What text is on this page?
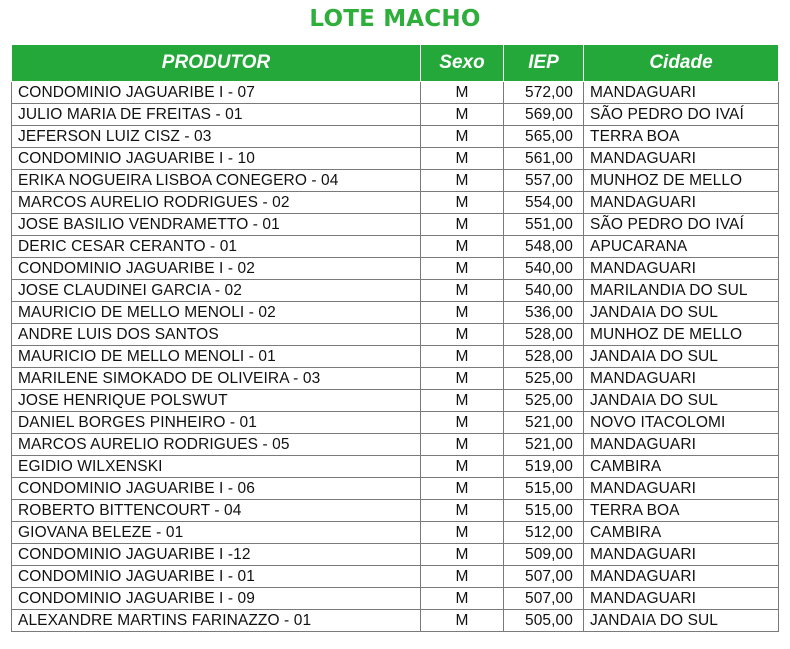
LOTE MACHO
PRODUTOR	Sexo	IEP	Cidade
CONDOMINIO JAGUARIBE I - 07	M	572,00	MANDAGUARI
JULIO MARIA DE FREITAS - 01	M	569,00	SÃO PEDRO DO IVAÍ
JEFERSON LUIZ CISZ - 03	M	565,00	TERRA BOA
CONDOMINIO JAGUARIBE I - 10	M	561,00	MANDAGUARI
ERIKA NOGUEIRA LISBOA CONEGERO - 04	M	557,00	MUNHOZ DE MELLO
MARCOS AURELIO RODRIGUES - 02	M	554,00	MANDAGUARI
JOSE BASILIO VENDRAMETTO - 01	M	551,00	SÃO PEDRO DO IVAÍ
DERIC CESAR CERANTO - 01	M	548,00	APUCARANA
CONDOMINIO JAGUARIBE I - 02	M	540,00	MANDAGUARI
JOSE CLAUDINEI GARCIA - 02	M	540,00	MARILANDIA DO SUL
MAURICIO DE MELLO MENOLI - 02	M	536,00	JANDAIA DO SUL
ANDRE LUIS DOS SANTOS	M	528,00	MUNHOZ DE MELLO
MAURICIO DE MELLO MENOLI - 01	M	528,00	JANDAIA DO SUL
MARILENE SIMOKADO DE OLIVEIRA - 03	M	525,00	MANDAGUARI
JOSE HENRIQUE POLSWUT	M	525,00	JANDAIA DO SUL
DANIEL BORGES PINHEIRO - 01	M	521,00	NOVO ITACOLOMI
MARCOS AURELIO RODRIGUES - 05	M	521,00	MANDAGUARI
EGIDIO WILXENSKI	M	519,00	CAMBIRA
CONDOMINIO JAGUARIBE I - 06	M	515,00	MANDAGUARI
ROBERTO BITTENCOURT - 04	M	515,00	TERRA BOA
GIOVANA BELEZE - 01	M	512,00	CAMBIRA
CONDOMINIO JAGUARIBE I -12	M	509,00	MANDAGUARI
CONDOMINIO JAGUARIBE I - 01	M	507,00	MANDAGUARI
CONDOMINIO JAGUARIBE I - 09	M	507,00	MANDAGUARI
ALEXANDRE MARTINS FARINAZZO - 01	M	505,00	JANDAIA DO SUL
